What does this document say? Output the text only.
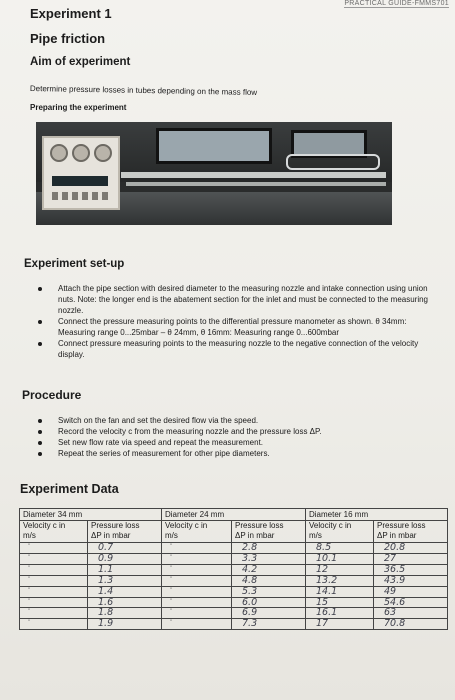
PRACTICAL GUIDE-FMMS701
Experiment 1
Pipe friction
Aim of experiment
Determine pressure losses in tubes depending on the mass flow
Preparing the experiment
Experiment set-up
Attach the pipe section with desired diameter to the measuring nozzle and intake connection using union nuts. Note: the longer end is the abatement section for the inlet and must be connected to the measuring nozzle.
Connect the pressure measuring points to the differential pressure manometer as shown. θ 34mm: Measuring range 0...25mbar – θ 24mm, θ 16mm: Measuring range 0...600mbar
Connect pressure measuring points to the measuring nozzle to the negative connection of the velocity display.
Procedure
Switch on the fan and set the desired flow via the speed.
Record the velocity c from the measuring nozzle and the pressure loss ΔP.
Set new flow rate via speed and repeat the measurement.
Repeat the series of measurement for other pipe diameters.
Experiment Data
Diameter 34 mm		Diameter 24 mm		Diameter 16 mm	
Velocity c in
m/s	Pressure loss
ΔP in mbar	Velocity c in
m/s	Pressure loss
ΔP in mbar	Velocity c in
m/s	Pressure loss
ΔP in mbar
"	0.7	"	2.8	8.5	20.8
"	0.9	"	3.3	10.1	27
"	1.1	"	4.2	12	36.5
"	1.3	"	4.8	13.2	43.9
"	1.4	"	5.3	14.1	49
"	1.6	"	6.0	15	54.6
"	1.8	"	6.9	16.1	63
"	1.9	"	7.3	17	70.8
